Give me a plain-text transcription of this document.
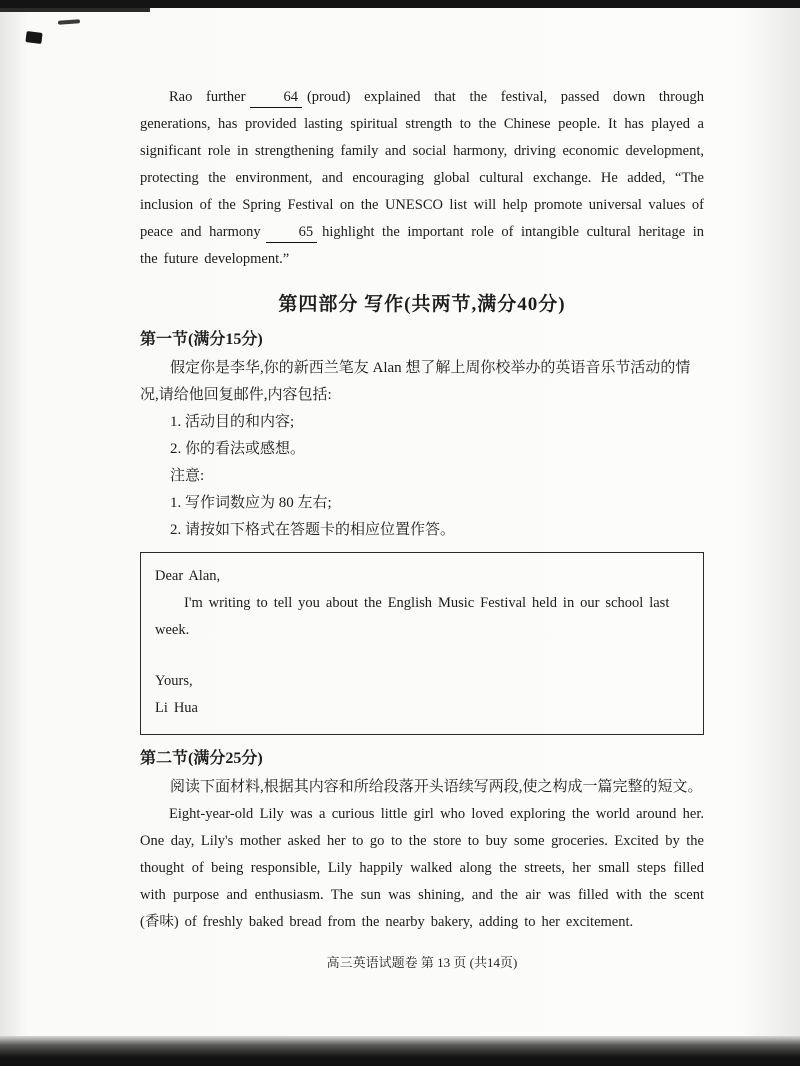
Rao further	64 (proud) explained that the festival, passed down through generations, has provided lasting spiritual strength to the Chinese people. It has played a significant role in strengthening family and social harmony, driving economic development, protecting the environment, and encouraging global cultural exchange. He added, “The inclusion of the Spring Festival on the UNESCO list will help promote universal values of peace and harmony	65 highlight the important role of intangible cultural heritage in the future development.”

第四部分 写作(共两节,满分40分)
第一节(满分15分)

假定你是李华,你的新西兰笔友 Alan 想了解上周你校举办的英语音乐节活动的情况,请给他回复邮件,内容包括:

1. 活动目的和内容;

2. 你的看法或感想。

注意:

1. 写作词数应为 80 左右;

2. 请按如下格式在答题卡的相应位置作答。

Dear Alan,

I'm writing to tell you about the English Music Festival held in our school last week.

Yours,

Li Hua

第二节(满分25分)

阅读下面材料,根据其内容和所给段落开头语续写两段,使之构成一篇完整的短文。

Eight-year-old Lily was a curious little girl who loved exploring the world around her. One day, Lily's mother asked her to go to the store to buy some groceries. Excited by the thought of being responsible, Lily happily walked along the streets, her small steps filled with purpose and enthusiasm. The sun was shining, and the air was filled with the scent (香味) of freshly baked bread from the nearby bakery, adding to her excitement.

高三英语试题卷 第 13 页 (共14页)
